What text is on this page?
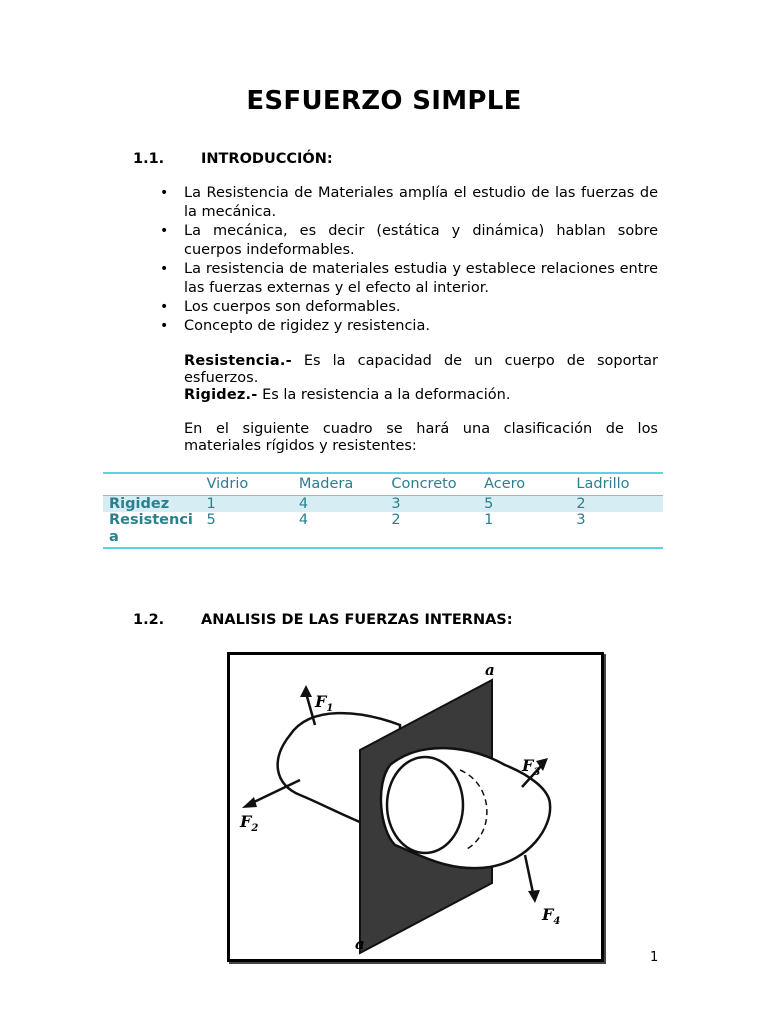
ESFUERZO SIMPLE
1.1.	INTRODUCCIÓN:
• La Resistencia de Materiales amplía el estudio de las fuerzas de la mecánica.
• La mecánica, es decir (estática y dinámica) hablan sobre cuerpos indeformables.
• La resistencia de materiales estudia y establece relaciones entre las fuerzas externas y el efecto al interior.
• Los cuerpos son deformables.
• Concepto de rigidez y resistencia.
Resistencia.- Es la capacidad de un cuerpo de soportar esfuerzos.
Rigidez.- Es la resistencia a la deformación.
En el siguiente cuadro se hará una clasificación de los materiales rígidos y resistentes:
	Vidrio	Madera	Concreto	Acero	Ladrillo
Rigidez	1	4	3	5	2
Resistencia	5	4	2	1	3
1.2.	ANALISIS DE LAS FUERZAS INTERNAS:
a
a
$F_1$
$F_2$
$F_3$
$F_4$
1
